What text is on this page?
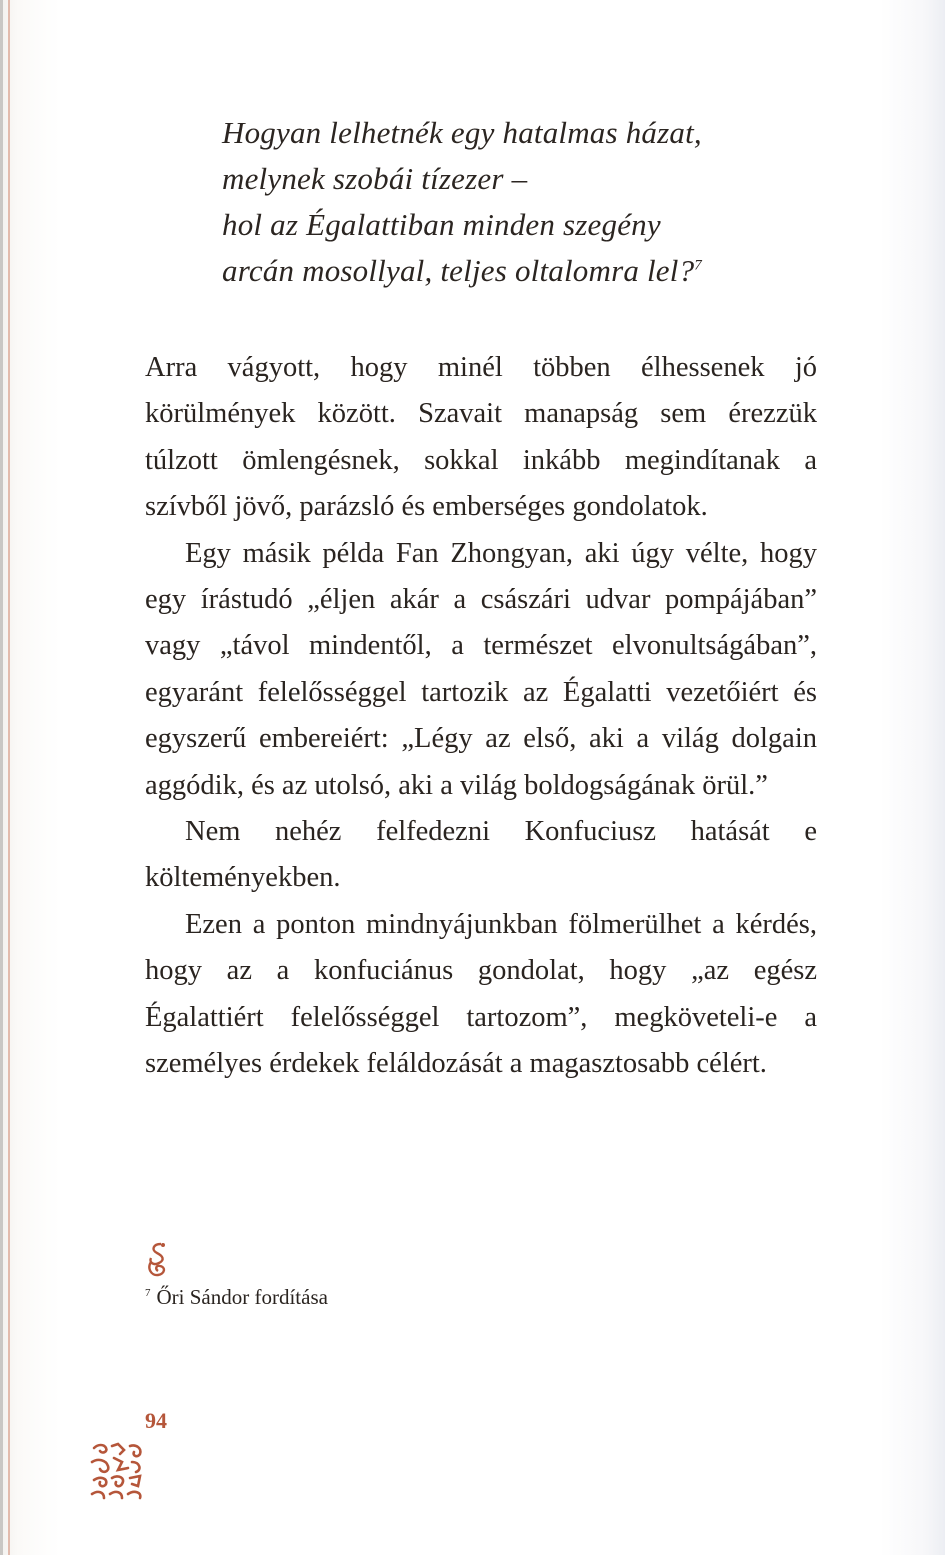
Hogyan lelhetnék egy hatalmas házat,
melynek szobái tízezer –
hol az Égalattiban minden szegény
arcán mosollyal, teljes oltalomra lel?$^7$

Arra vágyott, hogy minél többen élhessenek jó körülmények között. Szavait manapság sem érezzük túlzott ömlengésnek, sokkal inkább megindítanak a szívből jövő, parázsló és emberséges gondolatok.

Egy másik példa Fan Zhongyan, aki úgy vélte, hogy egy írástudó „éljen akár a császári udvar pompájában” vagy „távol mindentől, a természet elvonultságában”, egyaránt felelősséggel tartozik az Égalatti vezetőiért és egyszerű embereiért: „Légy az első, aki a világ dolgain aggódik, és az utolsó, aki a világ boldogságának örül.”

Nem nehéz felfedezni Konfuciusz hatását e költeményekben.

Ezen a ponton mindnyájunkban fölmerülhet a kérdés, hogy az a konfuciánus gondolat, hogy „az egész Égalattiért felelősséggel tartozom”, megköveteli-e a személyes érdekek feláldozását a magasztosabb célért.

$^7$ Őri Sándor fordítása
94
